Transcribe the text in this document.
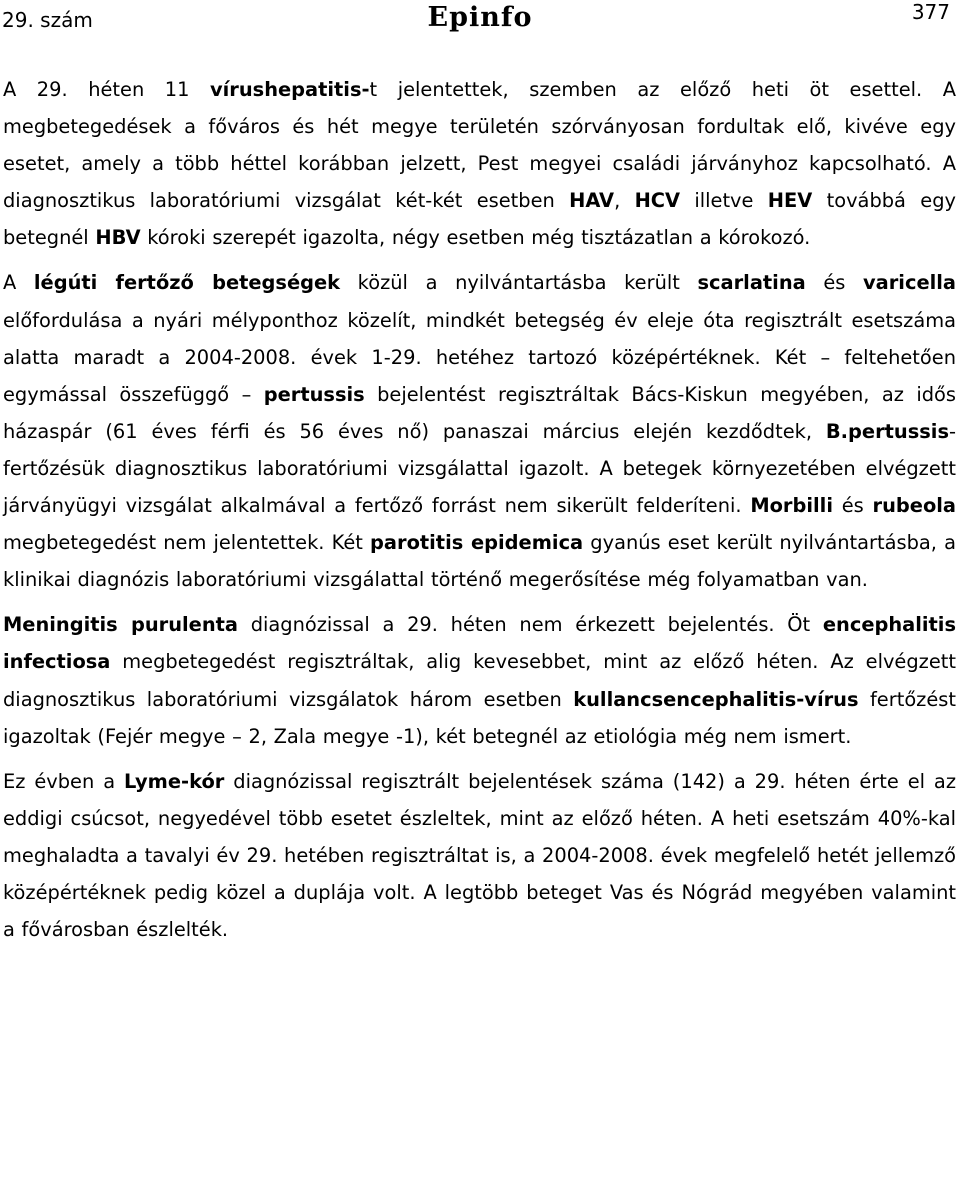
29. szám	Epinfo	377

A 29. héten 11 vírushepatitis-t jelentettek, szemben az előző heti öt esettel. A megbetegedések a főváros és hét megye területén szórványosan fordultak elő, kivéve egy esetet, amely a több héttel korábban jelzett, Pest megyei családi járványhoz kapcsolható. A diagnosztikus laboratóriumi vizsgálat két-két esetben HAV, HCV illetve HEV továbbá egy betegnél HBV kóroki szerepét igazolta, négy esetben még tisztázatlan a kórokozó.

A légúti fertőző betegségek közül a nyilvántartásba került scarlatina és varicella előfordulása a nyári mélyponthoz közelít, mindkét betegség év eleje óta regisztrált esetszáma alatta maradt a 2004-2008. évek 1-29. hetéhez tartozó középértéknek. Két – feltehetően egymással összefüggő – pertussis bejelentést regisztráltak Bács-Kiskun megyében, az idős házaspár (61 éves férfi és 56 éves nő) panaszai március elején kezdődtek, B.pertussis-fertőzésük diagnosztikus laboratóriumi vizsgálattal igazolt. A betegek környezetében elvégzett járványügyi vizsgálat alkalmával a fertőző forrást nem sikerült felderíteni. Morbilli és rubeola megbetegedést nem jelentettek. Két parotitis epidemica gyanús eset került nyilvántartásba, a klinikai diagnózis laboratóriumi vizsgálattal történő megerősítése még folyamatban van.

Meningitis purulenta diagnózissal a 29. héten nem érkezett bejelentés. Öt encephalitis infectiosa megbetegedést regisztráltak, alig kevesebbet, mint az előző héten. Az elvégzett diagnosztikus laboratóriumi vizsgálatok három esetben kullancsencephalitis-vírus fertőzést igazoltak (Fejér megye – 2, Zala megye -1), két betegnél az etiológia még nem ismert.

Ez évben a Lyme-kór diagnózissal regisztrált bejelentések száma (142) a 29. héten érte el az eddigi csúcsot, negyedével több esetet észleltek, mint az előző héten. A heti esetszám 40%-kal meghaladta a tavalyi év 29. hetében regisztráltat is, a 2004-2008. évek megfelelő hetét jellemző középértéknek pedig közel a duplája volt. A legtöbb beteget Vas és Nógrád megyében valamint a fővárosban észlelték.
